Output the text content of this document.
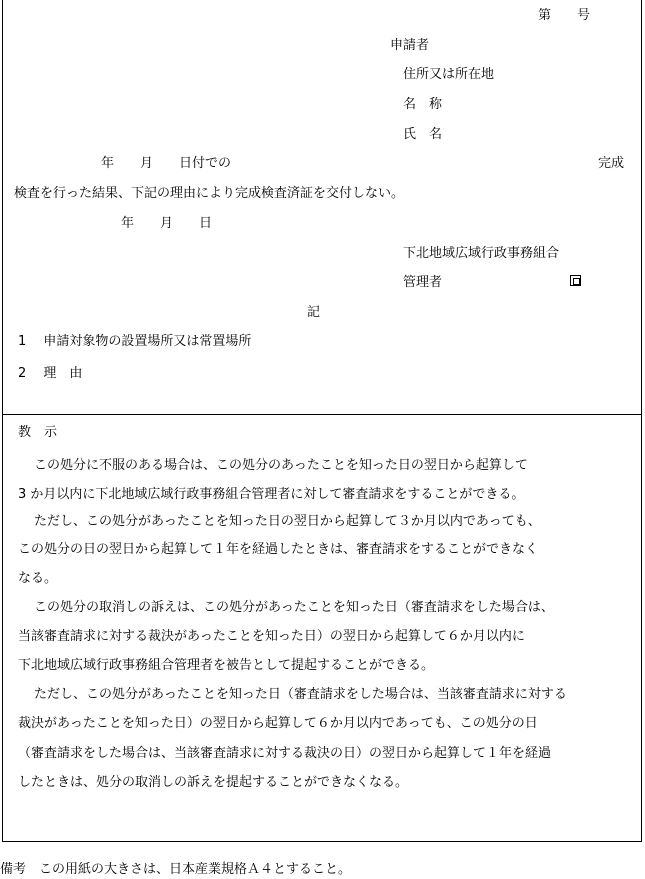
第　　号
申請者
住所又は所在地
名　称
氏　名
年　　月　　日付での	完成
検査を行った結果、下記の理由により完成検査済証を交付しない。
年　　月　　日
下北地域広域行政事務組合
管理者
記
1　 申請対象物の設置場所又は常置場所
2　 理　由
教　示
この処分に不服のある場合は、この処分のあったことを知った日の翌日から起算して
3 か月以内に下北地域広域行政事務組合管理者に対して審査請求をすることができる。
ただし、この処分があったことを知った日の翌日から起算して３か月以内であっても、
この処分の日の翌日から起算して１年を経過したときは、審査請求をすることができなく
なる。
この処分の取消しの訴えは、この処分があったことを知った日（審査請求をした場合は、
当該審査請求に対する裁決があったことを知った日）の翌日から起算して６か月以内に
下北地域広域行政事務組合管理者を被告として提起することができる。
ただし、この処分があったことを知った日（審査請求をした場合は、当該審査請求に対する
裁決があったことを知った日）の翌日から起算して６か月以内であっても、この処分の日
（審査請求をした場合は、当該審査請求に対する裁決の日）の翌日から起算して１年を経過
したときは、処分の取消しの訴えを提起することができなくなる。
備考　この用紙の大きさは、日本産業規格Ａ４とすること。
